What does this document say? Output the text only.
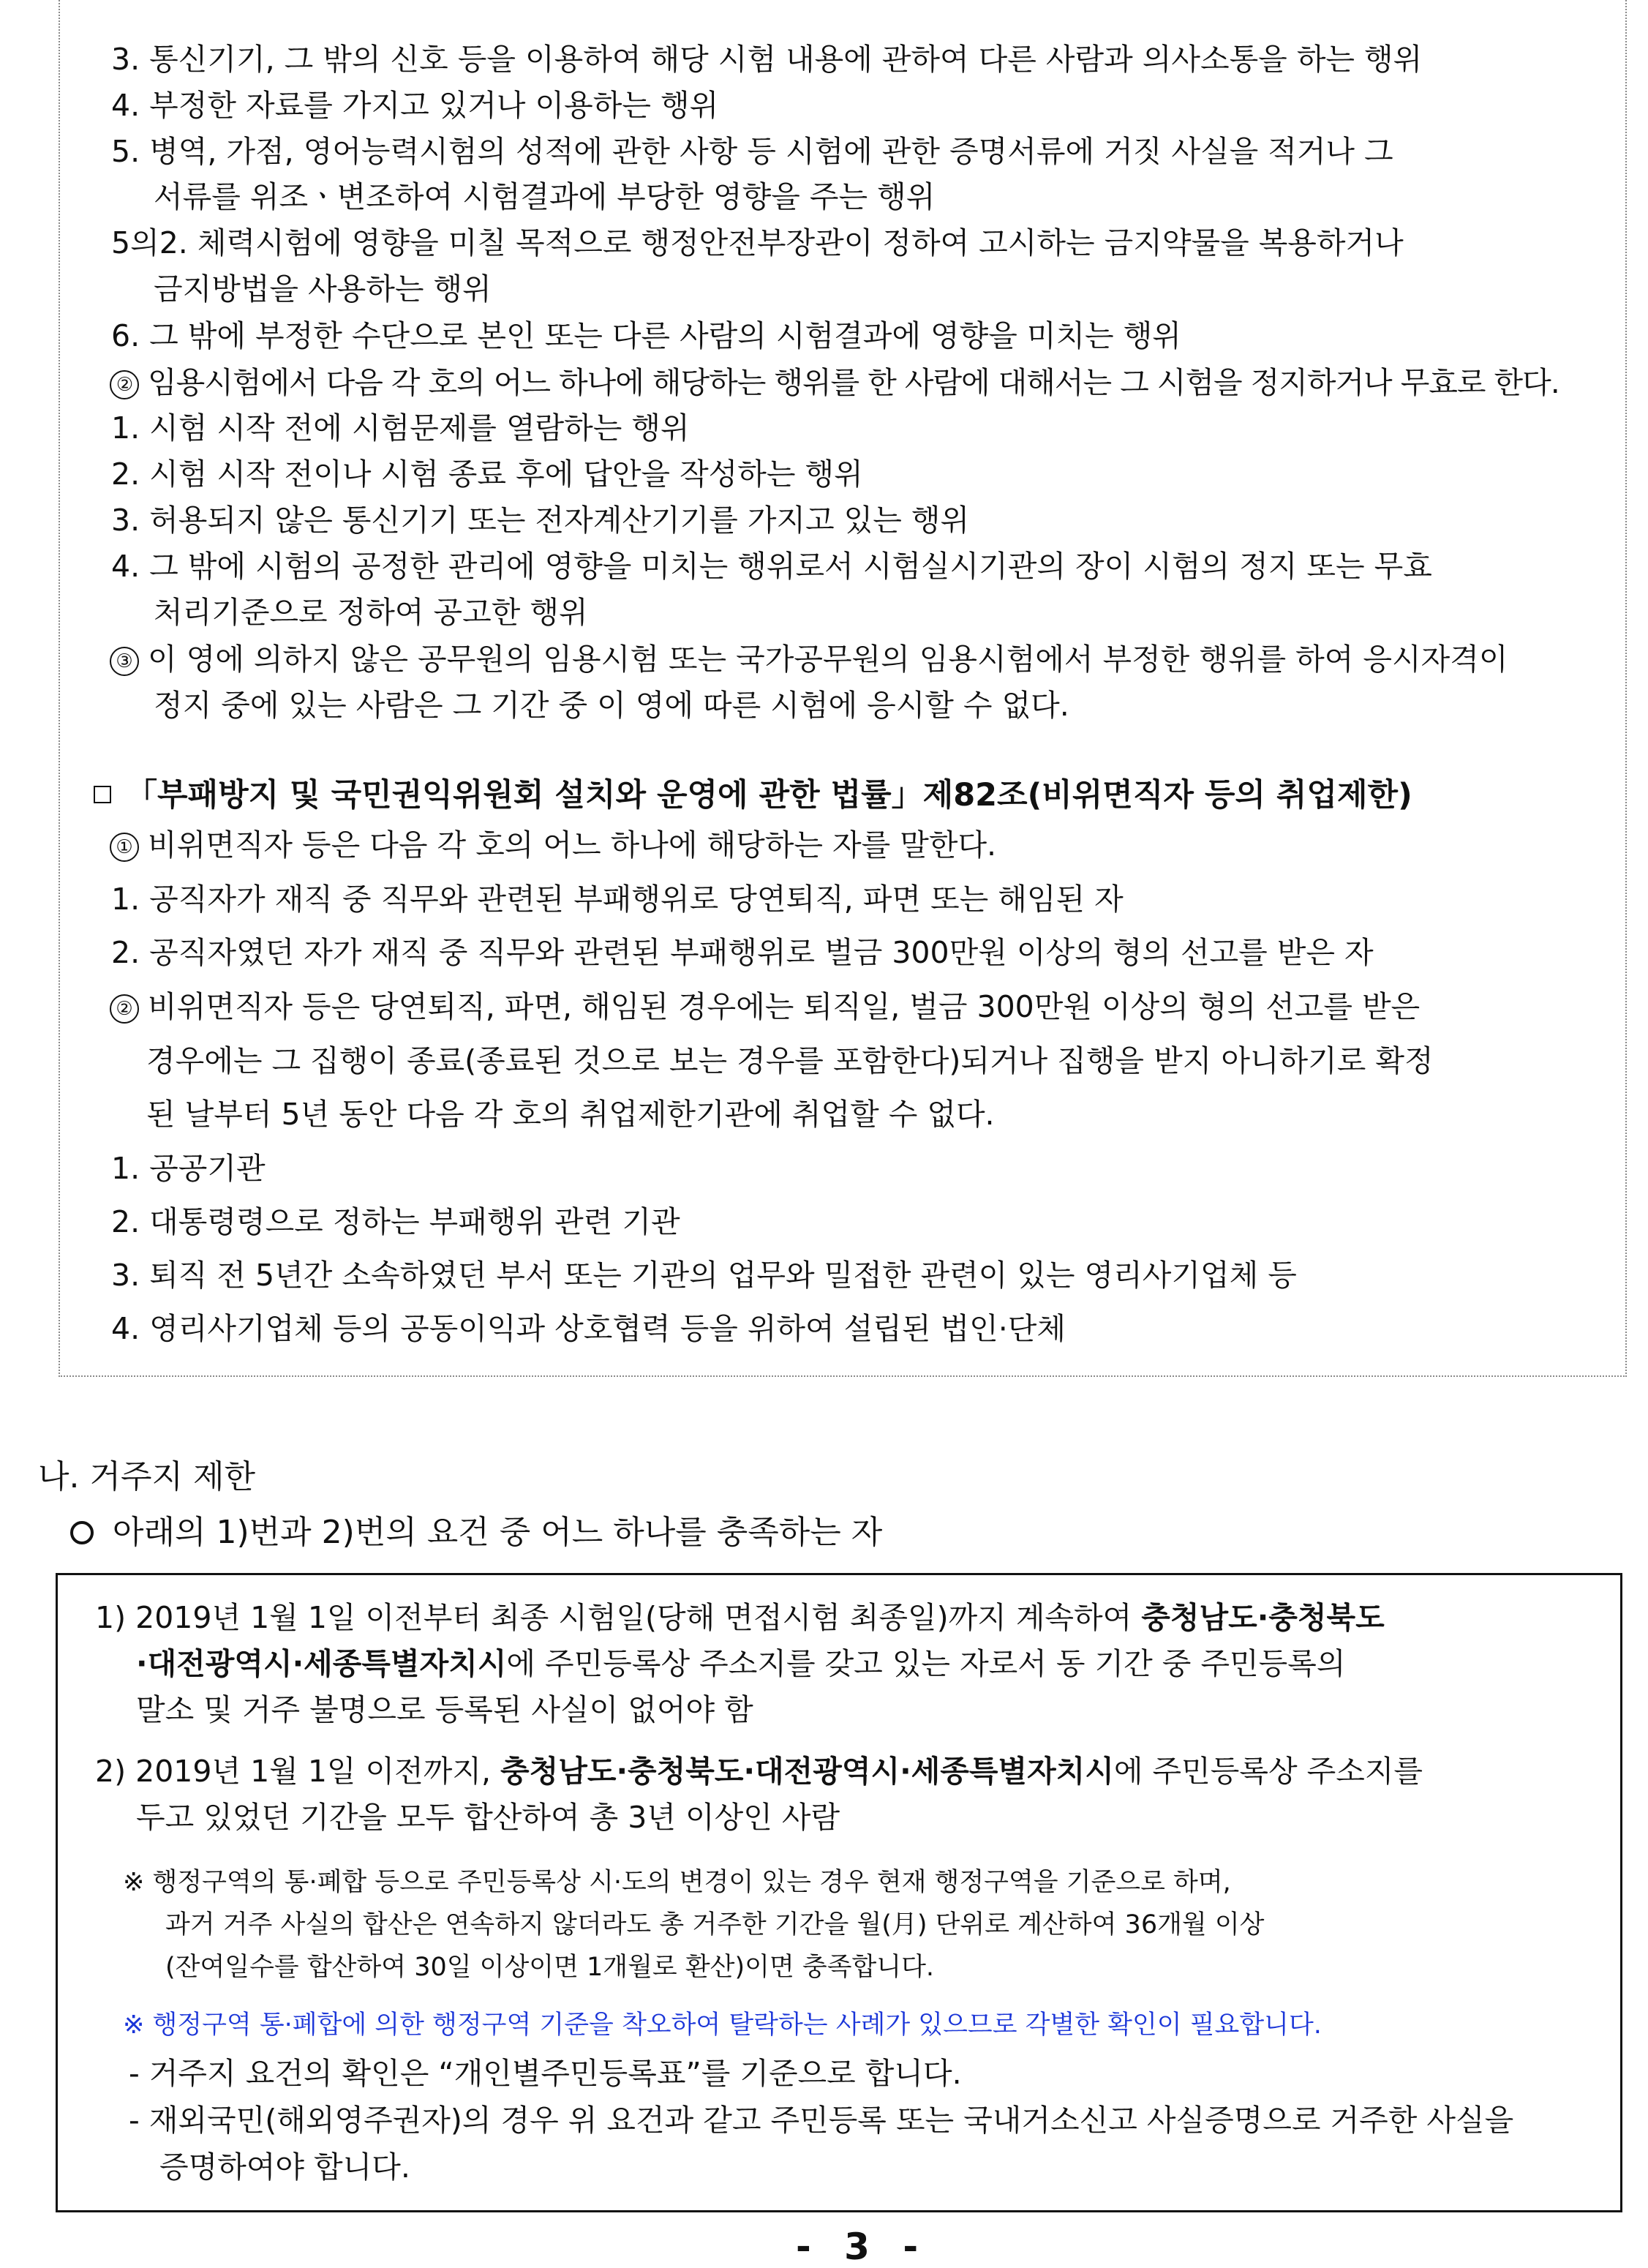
3. 통신기기, 그 밖의 신호 등을 이용하여 해당 시험 내용에 관하여 다른 사람과 의사소통을 하는 행위
4. 부정한 자료를 가지고 있거나 이용하는 행위
5. 병역, 가점, 영어능력시험의 성적에 관한 사항 등 시험에 관한 증명서류에 거짓 사실을 적거나 그
서류를 위조ㆍ변조하여 시험결과에 부당한 영향을 주는 행위
5의2. 체력시험에 영향을 미칠 목적으로 행정안전부장관이 정하여 고시하는 금지약물을 복용하거나
금지방법을 사용하는 행위
6. 그 밖에 부정한 수단으로 본인 또는 다른 사람의 시험결과에 영향을 미치는 행위
② 임용시험에서 다음 각 호의 어느 하나에 해당하는 행위를 한 사람에 대해서는 그 시험을 정지하거나 무효로 한다.
1. 시험 시작 전에 시험문제를 열람하는 행위
2. 시험 시작 전이나 시험 종료 후에 답안을 작성하는 행위
3. 허용되지 않은 통신기기 또는 전자계산기기를 가지고 있는 행위
4. 그 밖에 시험의 공정한 관리에 영향을 미치는 행위로서 시험실시기관의 장이 시험의 정지 또는 무효
처리기준으로 정하여 공고한 행위
③ 이 영에 의하지 않은 공무원의 임용시험 또는 국가공무원의 임용시험에서 부정한 행위를 하여 응시자격이
정지 중에 있는 사람은 그 기간 중 이 영에 따른 시험에 응시할 수 없다.
「부패방지 및 국민권익위원회 설치와 운영에 관한 법률」제82조(비위면직자 등의 취업제한)
① 비위면직자 등은 다음 각 호의 어느 하나에 해당하는 자를 말한다.
1. 공직자가 재직 중 직무와 관련된 부패행위로 당연퇴직, 파면 또는 해임된 자
2. 공직자였던 자가 재직 중 직무와 관련된 부패행위로 벌금 300만원 이상의 형의 선고를 받은 자
② 비위면직자 등은 당연퇴직, 파면, 해임된 경우에는 퇴직일, 벌금 300만원 이상의 형의 선고를 받은
경우에는 그 집행이 종료(종료된 것으로 보는 경우를 포함한다)되거나 집행을 받지 아니하기로 확정
된 날부터 5년 동안 다음 각 호의 취업제한기관에 취업할 수 없다.
1. 공공기관
2. 대통령령으로 정하는 부패행위 관련 기관
3. 퇴직 전 5년간 소속하였던 부서 또는 기관의 업무와 밀접한 관련이 있는 영리사기업체 등
4. 영리사기업체 등의 공동이익과 상호협력 등을 위하여 설립된 법인·단체
나. 거주지 제한
아래의 1)번과 2)번의 요건 중 어느 하나를 충족하는 자
1) 2019년 1월 1일 이전부터 최종 시험일(당해 면접시험 최종일)까지 계속하여 충청남도·충청북도
·대전광역시·세종특별자치시에 주민등록상 주소지를 갖고 있는 자로서 동 기간 중 주민등록의
말소 및 거주 불명으로 등록된 사실이 없어야 함
2) 2019년 1월 1일 이전까지, 충청남도·충청북도·대전광역시·세종특별자치시에 주민등록상 주소지를
두고 있었던 기간을 모두 합산하여 총 3년 이상인 사람
※ 행정구역의 통·폐합 등으로 주민등록상 시·도의 변경이 있는 경우 현재 행정구역을 기준으로 하며,
과거 거주 사실의 합산은 연속하지 않더라도 총 거주한 기간을 월(月) 단위로 계산하여 36개월 이상
(잔여일수를 합산하여 30일 이상이면 1개월로 환산)이면 충족합니다.
※ 행정구역 통·폐합에 의한 행정구역 기준을 착오하여 탈락하는 사례가 있으므로 각별한 확인이 필요합니다.
- 거주지 요건의 확인은 “개인별주민등록표”를 기준으로 합니다.
- 재외국민(해외영주권자)의 경우 위 요건과 같고 주민등록 또는 국내거소신고 사실증명으로 거주한 사실을
증명하여야 합니다.
- 3 -
